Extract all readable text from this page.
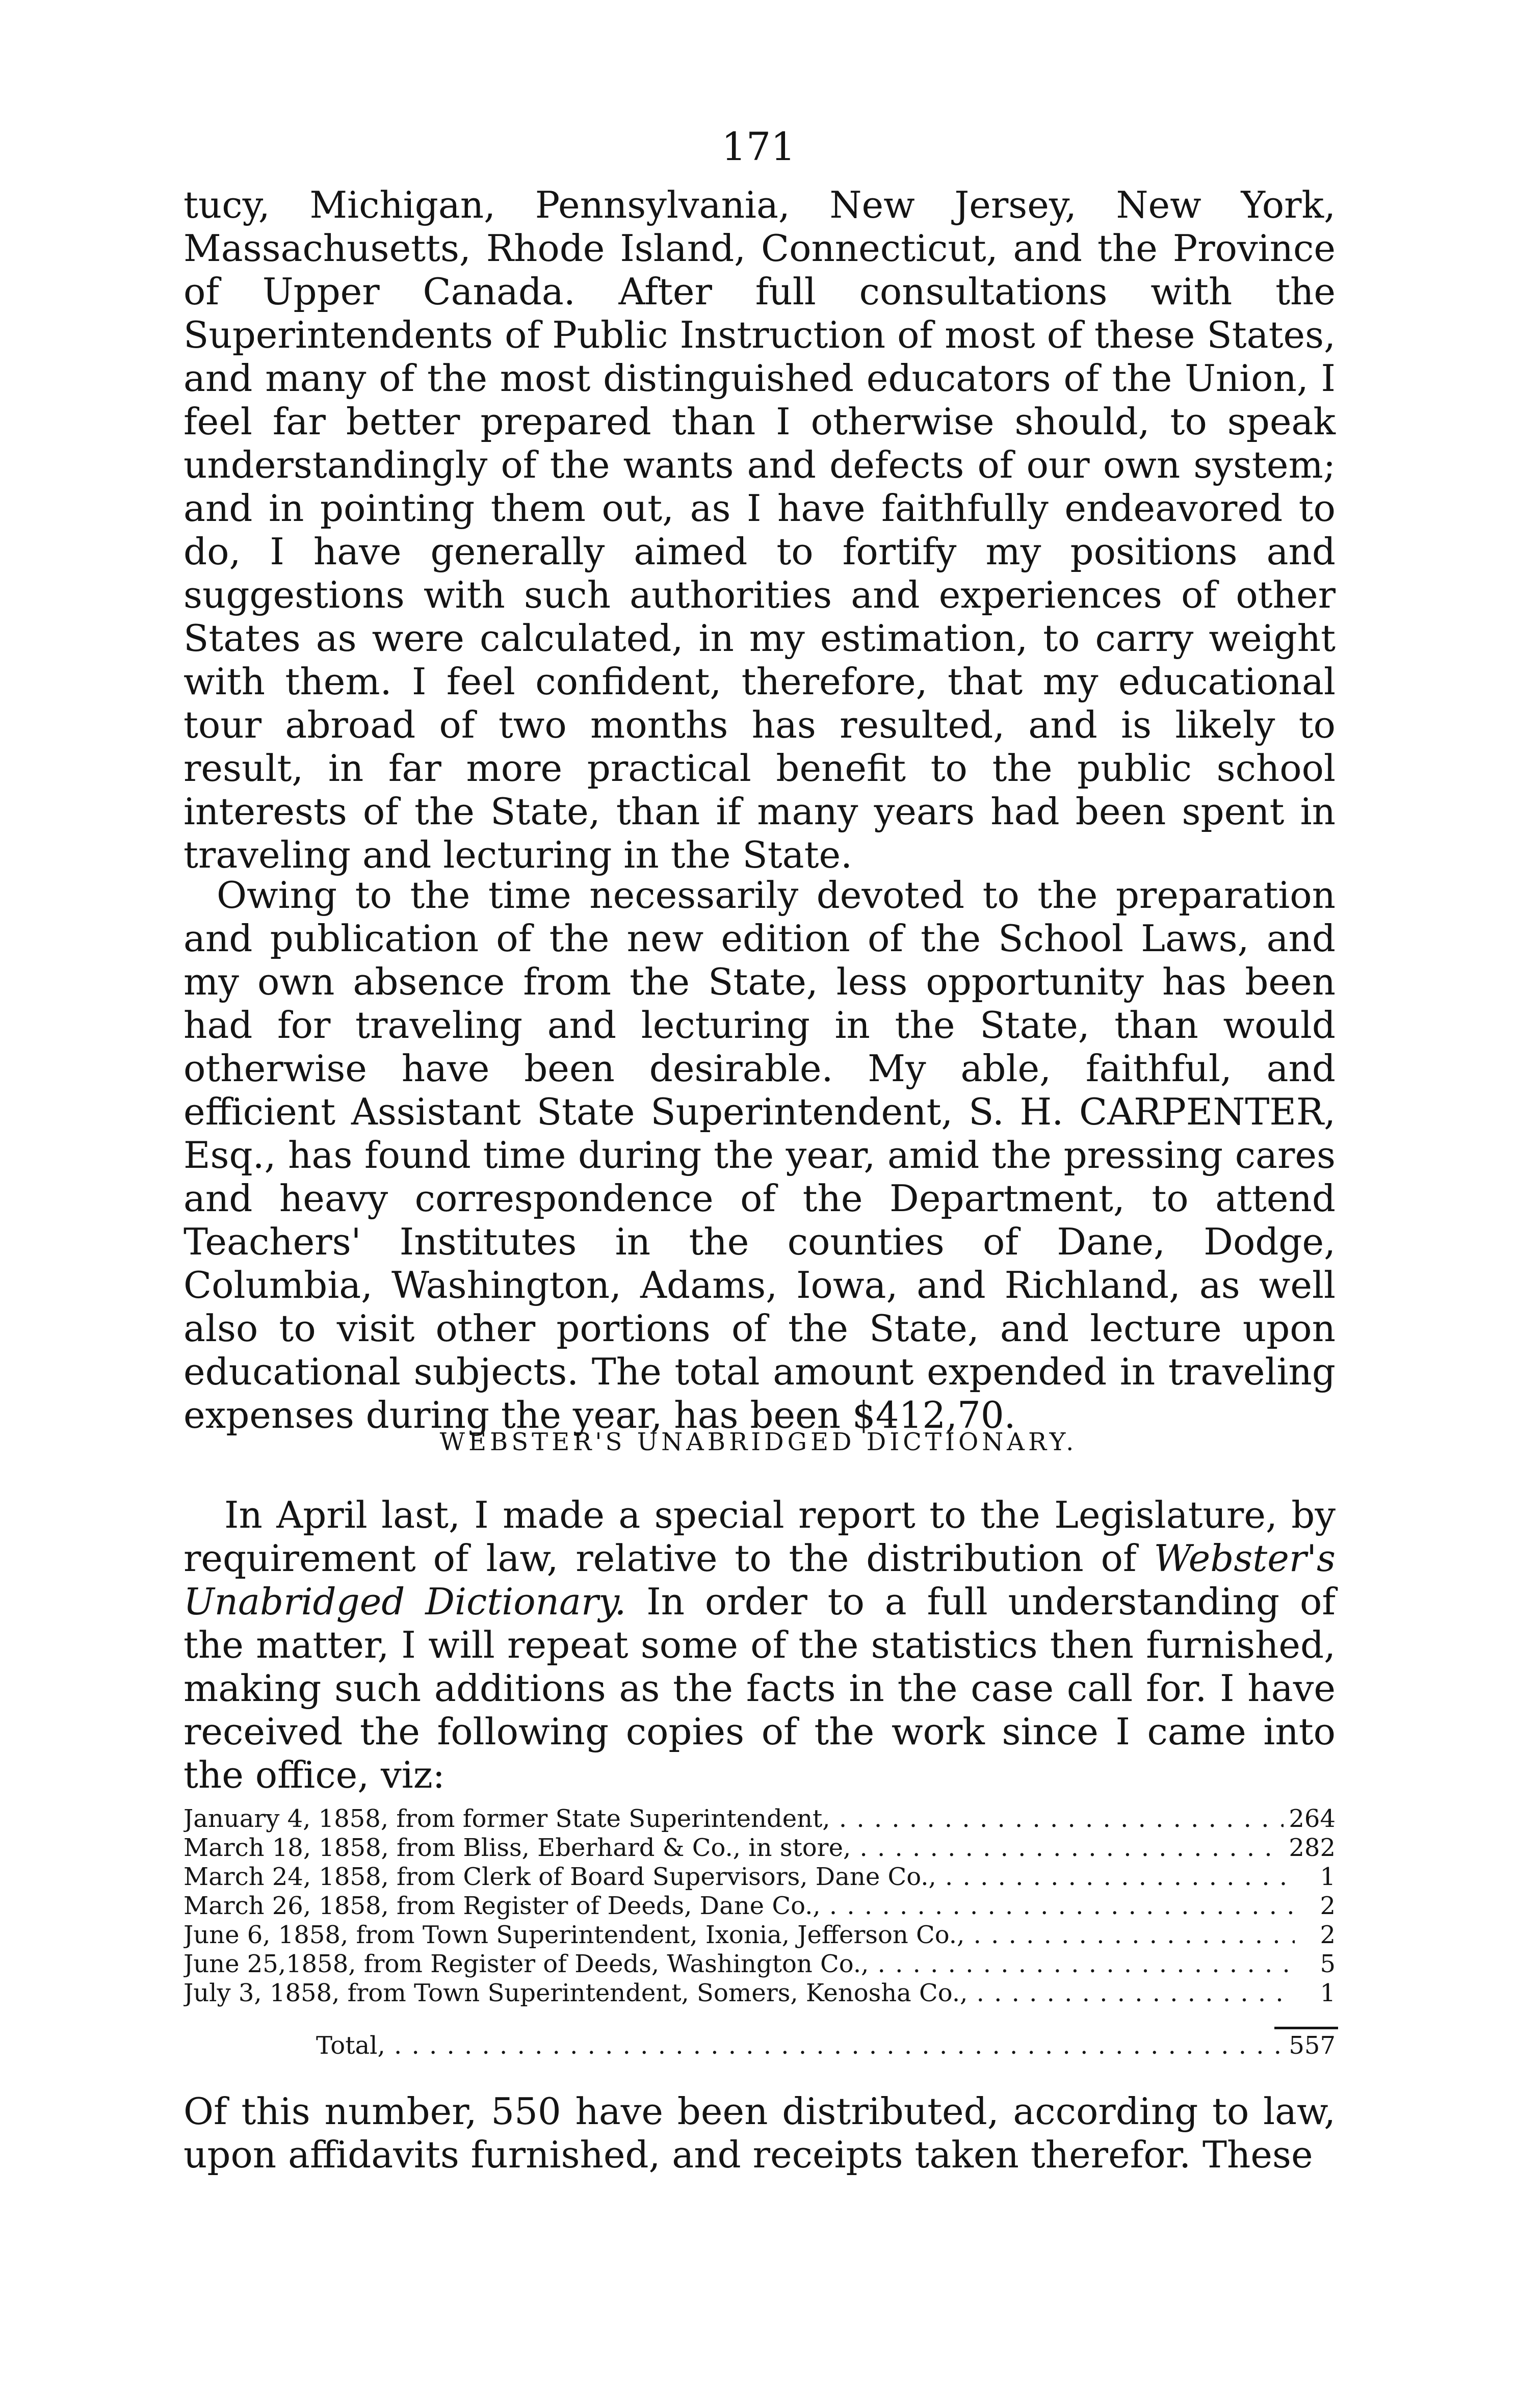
171

tucy, Michigan, Pennsylvania, New Jersey, New York, Massachusetts, Rhode Island, Connecticut, and the Province of Upper Canada. After full consultations with the Superintendents of Public Instruction of most of these States, and many of the most distinguished educators of the Union, I feel far better prepared than I otherwise should, to speak understandingly of the wants and defects of our own system; and in pointing them out, as I have faithfully endeavored to do, I have generally aimed to fortify my positions and suggestions with such authorities and experiences of other States as were calculated, in my estimation, to carry weight with them. I feel confident, therefore, that my educational tour abroad of two months has resulted, and is likely to result, in far more practical benefit to the public school interests of the State, than if many years had been spent in traveling and lecturing in the State.

Owing to the time necessarily devoted to the preparation and publication of the new edition of the School Laws, and my own absence from the State, less opportunity has been had for traveling and lecturing in the State, than would otherwise have been desirable. My able, faithful, and efficient Assistant State Superintendent, S. H. CARPENTER, Esq., has found time during the year, amid the pressing cares and heavy correspondence of the Department, to attend Teachers' Institutes in the counties of Dane, Dodge, Columbia, Washington, Adams, Iowa, and Richland, as well also to visit other portions of the State, and lecture upon educational subjects. The total amount expended in traveling expenses during the year, has been $412,70.

WEBSTER'S UNABRIDGED DICTIONARY.

In April last, I made a special report to the Legislature, by requirement of law, relative to the distribution of Webster's Unabridged Dictionary. In order to a full understanding of the matter, I will repeat some of the statistics then furnished, making such additions as the facts in the case call for. I have received the following copies of the work since I came into the office, viz:

January 4, 1858, from former State Superintendent, . . .	264
March 18, 1858, from Bliss, Eberhard & Co., in store, . . .	282
March 24, 1858, from Clerk of Board Supervisors, Dane Co., . . .	1
March 26, 1858, from Register of Deeds, Dane Co., . . .	2
June 6, 1858, from Town Superintendent, Ixonia, Jefferson Co., . . .	2
June 25,1858, from Register of Deeds, Washington Co., . . .	5
July 3, 1858, from Town Superintendent, Somers, Kenosha Co., . . .	1
Total, . . .	557

Of this number, 550 have been distributed, according to law, upon affidavits furnished, and receipts taken therefor. These
